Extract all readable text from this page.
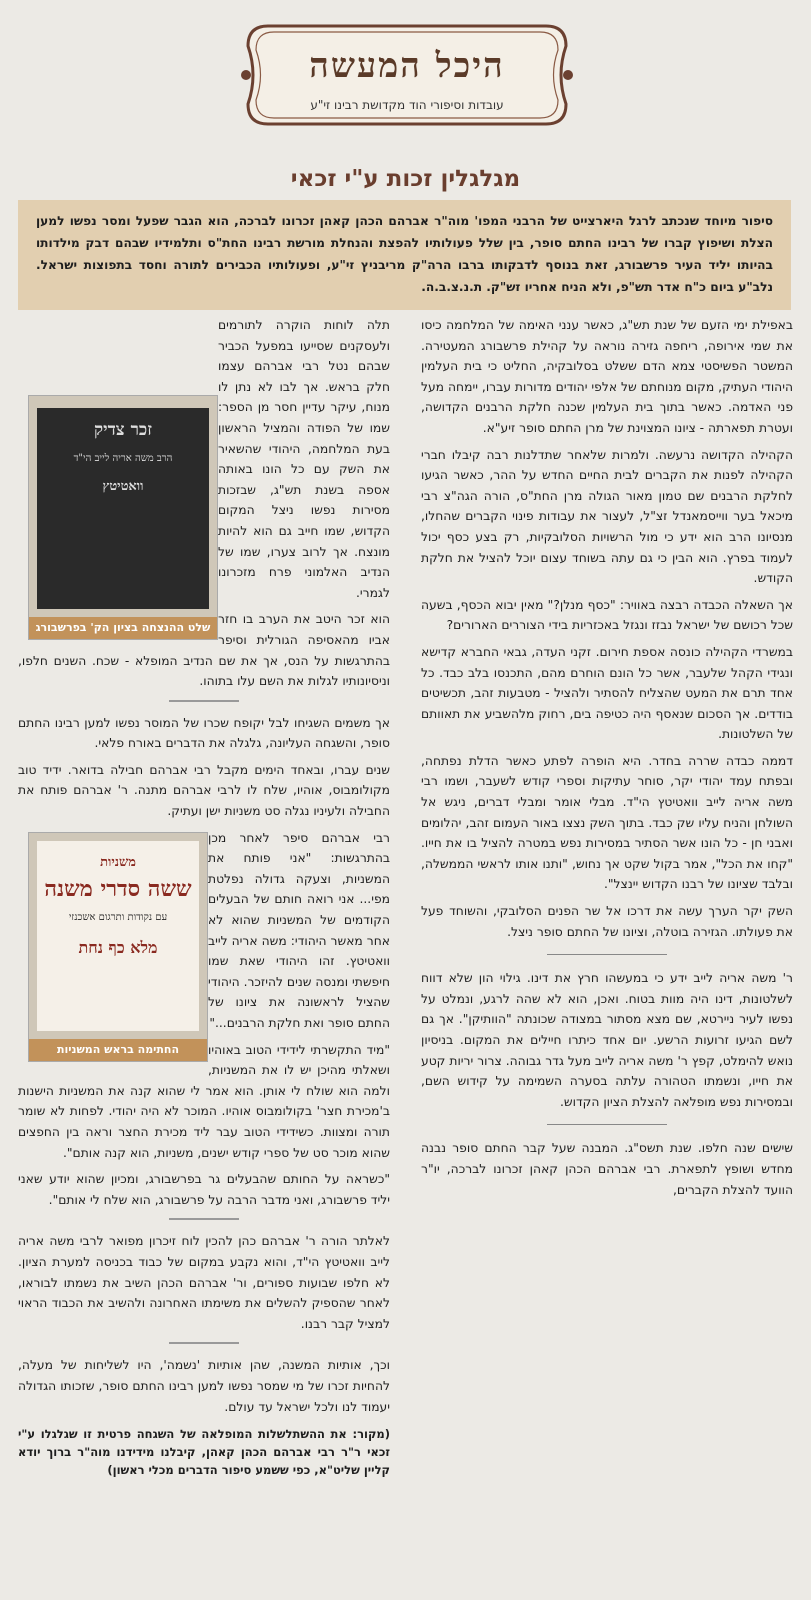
היכל המעשה
עובדות וסיפורי הוד מקדושת רבינו זי"ע
מגלגלין זכות ע"י זכאי
סיפור מיוחד שנכתב לרגל היארצייט של הרבני המפו' מוה"ר אברהם הכהן קאהן זכרונו לברכה, הוא הגבר שפעל ומסר נפשו למען הצלת ושיפוץ קברו של רבינו החתם סופר, בין שלל פעולותיו להפצת והנחלת מורשת רבינו החת"ס ותלמידיו שבהם דבק מילדותו בהיותו יליד העיר פרשבורג, זאת בנוסף לדבקותו ברבו הרה"ק מריבניץ זי"ע, ופעולותיו הכבירים לתורה וחסד בתפוצות ישראל. נלב"ע ביום כ"ח אדר תש"פ, ולא הניח אחריו זש"ק. ת.נ.צ.ב.ה.

באפילת ימי הזעם של שנת תש"ג, כאשר ענני האימה של המלחמה כיסו את שמי אירופה, ריחפה גזירה נוראה על קהילת פרשבורג המעטירה. המשטר הפשיסטי צמא הדם ששלט בסלובקיה, החליט כי בית העלמין היהודי העתיק, מקום מנוחתם של אלפי יהודים מדורות עברו, יימחה מעל פני האדמה. כאשר בתוך בית העלמין שכנה חלקת הרבנים הקדושה, ועטרת תפארתה - ציונו המצוינת של מרן החתם סופר זיע"א.

הקהילה הקדושה נרעשה. ולמרות שלאחר שתדלנות רבה קיבלו חברי הקהילה לפנות את הקברים לבית החיים החדש על ההר, כאשר הגיעו לחלקת הרבנים שם טמון מאור הגולה מרן החת"ס, הורה הגה"צ רבי מיכאל בער ווייסמאנדל זצ"ל, לעצור את עבודות פינוי הקברים שהחלו, מנסיונו הרב הוא ידע כי מול הרשויות הסלובקיות, רק בצע כסף יכול לעמוד בפרץ. הוא הבין כי גם עתה בשוחד עצום יוכל להציל את חלקת הקודש.

אך השאלה הכבדה רבצה באוויר: "כסף מנלן?" מאין יבוא הכסף, בשעה שכל רכושם של ישראל נבזז ונגזל באכזריות בידי הצוררים הארורים?

במשרדי הקהילה כונסה אספת חירום. זקני העדה, גבאי החברא קדישא ונגידי הקהל שלעבר, אשר כל הונם הוחרם מהם, התכנסו בלב כבד. כל אחד תרם את המעט שהצליח להסתיר ולהציל - מטבעות זהב, תכשיטים בודדים. אך הסכום שנאסף היה כטיפה בים, רחוק מלהשביע את תאוותם של השלטונות.

דממה כבדה שררה בחדר. היא הופרה לפתע כאשר הדלת נפתחה, ובפתח עמד יהודי יקר, סוחר עתיקות וספרי קודש לשעבר, ושמו רבי משה אריה לייב וואטיטץ הי"ד. מבלי אומר ומבלי דברים, ניגש אל השולחן והניח עליו שק כבד. בתוך השק נצצו באור העמום זהב, יהלומים ואבני חן - כל הונו אשר הסתיר במסירות נפש במטרה להציל בו את חייו. "קחו את הכל", אמר בקול שקט אך נחוש, "ותנו אותו לראשי הממשלה, ובלבד שציונו של רבנו הקדוש יינצל".

השק יקר הערך עשה את דרכו אל שר הפנים הסלובקי, והשוחד פעל את פעולתו. הגזירה בוטלה, וציונו של החתם סופר ניצל.

ר' משה אריה לייב ידע כי במעשהו חרץ את דינו. גילוי הון שלא דווח לשלטונות, דינו היה מוות בטוח. ואכן, הוא לא שהה לרגע, ונמלט על נפשו לעיר ניירטא, שם מצא מסתור במצודה שכונתה "הוותיקן". אך גם לשם הגיעו זרועות הרשע. יום אחד כיתרו חיילים את המקום. בניסיון נואש להימלט, קפץ ר' משה אריה לייב מעל גדר גבוהה. צרור יריות קטע את חייו, ונשמתו הטהורה עלתה בסערה השמימה על קידוש השם, ובמסירות נפש מופלאה להצלת הציון הקדוש.

שישים שנה חלפו. שנת תשס"ג. המבנה שעל קבר החתם סופר נבנה מחדש ושופץ לתפארת. רבי אברהם הכהן קאהן זכרונו לברכה, יו"ר הוועד להצלת הקברים,

זכר צדיק
הרב משה אריה לייב הי"ד
וואטיטץ
שלט ההנצחה בציון הק' בפרשבורג

תלה לוחות הוקרה לתורמים ולעסקנים שסייעו במפעל הכביר שבהם נטל רבי אברהם עצמו חלק בראש. אך לבו לא נתן לו מנוח, עיקר עדיין חסר מן הספר: שמו של הפודה והמציל הראשון בעת המלחמה, היהודי שהשאיר את השק עם כל הונו באותה אספה בשנת תש"ג, שבזכות מסירות נפשו ניצל המקום הקדוש, שמו חייב גם הוא להיות מונצח. אך לרוב צערו, שמו של הנדיב האלמוני פרח מזכרונו לגמרי.

הוא זכר היטב את הערב בו חזר אביו מהאסיפה הגורלית וסיפר בהתרגשות על הנס, אך את שם הנדיב המופלא - שכח. השנים חלפו, וניסיונותיו לגלות את השם עלו בתוהו.

אך משמים השגיחו לבל יקופח שכרו של המוסר נפשו למען רבינו החתם סופר, והשגחה העליונה, גלגלה את הדברים באורח פלאי.

שנים עברו, ובאחד הימים מקבל רבי אברהם חבילה בדואר. ידיד טוב מקולומבוס, אוהיו, שלח לו לרבי אברהם מתנה. ר' אברהם פותח את החבילה ולעיניו נגלה סט משניות ישן ועתיק.

משניות
ששה סדרי משנה
עם נקודות ותרגום אשכנזי
מלא כף נחת
החתימה בראש המשניות

רבי אברהם סיפר לאחר מכן בהתרגשות: "אני פותח את המשניות, וצעקה גדולה נפלטת מפי... אני רואה חותם של הבעלים הקודמים של המשניות שהוא לא אחר מאשר היהודי: משה אריה לייב וואטיטץ. זהו היהודי שאת שמו חיפשתי ומנסה שנים להיזכר. היהודי שהציל לראשונה את ציונו של החתם סופר ואת חלקת הרבנים..."

"מיד התקשרתי לידידי הטוב באוהיו ושאלתי מהיכן יש לו את המשניות, ולמה הוא שולח לי אותן. הוא אמר לי שהוא קנה את המשניות הישנות ב'מכירת חצר' בקולומבוס אוהיו. המוכר לא היה יהודי. לפחות לא שומר תורה ומצוות. כשידידי הטוב עבר ליד מכירת החצר וראה בין החפצים שהוא מוכר סט של ספרי קודש ישנים, משניות, הוא קנה אותם".

"כשראה על החותם שהבעלים גר בפרשבורג, ומכיון שהוא יודע שאני יליד פרשבורג, ואני מדבר הרבה על פרשבורג, הוא שלח לי אותם".

לאלתר הורה ר' אברהם כהן להכין לוח זיכרון מפואר לרבי משה אריה לייב וואטיטץ הי"ד, והוא נקבע במקום של כבוד בכניסה למערת הציון. לא חלפו שבועות ספורים, ור' אברהם הכהן השיב את נשמתו לבוראו, לאחר שהספיק להשלים את משימתו האחרונה ולהשיב את הכבוד הראוי למציל קבר רבנו.

וכך, אותיות המשנה, שהן אותיות 'נשמה', היו לשליחות של מעלה, להחיות זכרו של מי שמסר נפשו למען רבינו החתם סופר, שזכותו הגדולה יעמוד לנו ולכל ישראל עד עולם.

(מקור: את ההשתלשלות המופלאה של השגחה פרטית זו שגלגלו ע"י זכאי ר"ר רבי אברהם הכהן קאהן, קיבלנו מידידנו מוה"ר ברוך יודא קליין שליט"א, כפי ששמע סיפור הדברים מכלי ראשון)
